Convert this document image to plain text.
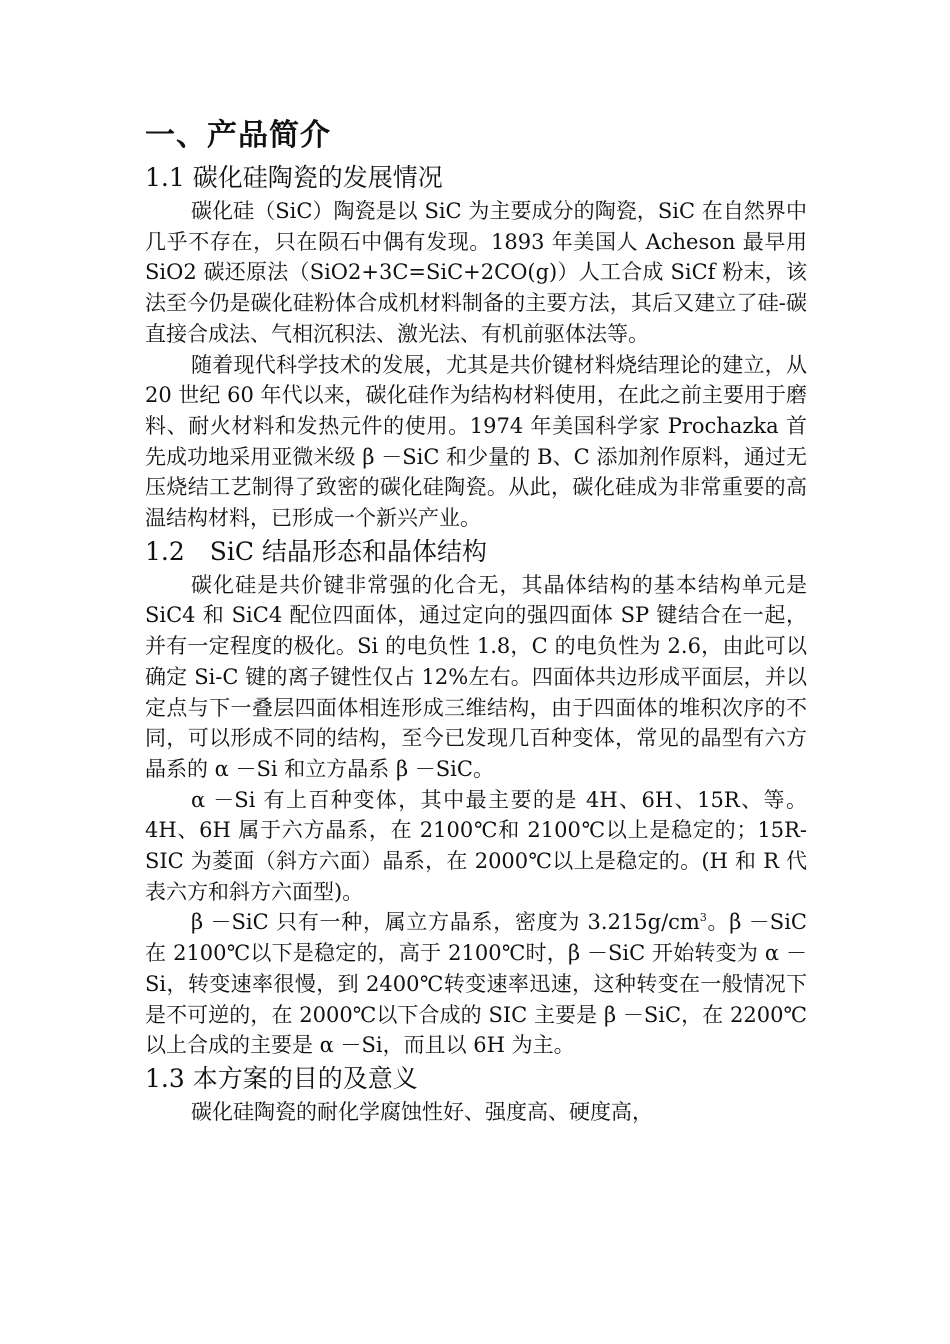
一、产品简介
1.1 碳化硅陶瓷的发展情况

碳化硅（SiC）陶瓷是以 SiC 为主要成分的陶瓷，SiC 在自然界中几乎不存在，只在陨石中偶有发现。1893 年美国人 Acheson 最早用 SiO2 碳还原法（SiO2+3C=SiC+2CO(g)）人工合成 SiCf 粉末，该法至今仍是碳化硅粉体合成机材料制备的主要方法，其后又建立了硅-碳直接合成法、气相沉积法、激光法、有机前驱体法等。

随着现代科学技术的发展，尤其是共价键材料烧结理论的建立，从 20 世纪 60 年代以来，碳化硅作为结构材料使用，在此之前主要用于磨料、耐火材料和发热元件的使用。1974 年美国科学家 Prochazka 首先成功地采用亚微米级 β －SiC 和少量的 B、C 添加剂作原料，通过无压烧结工艺制得了致密的碳化硅陶瓷。从此，碳化硅成为非常重要的高温结构材料，已形成一个新兴产业。

1.2　SiC 结晶形态和晶体结构

碳化硅是共价键非常强的化合无，其晶体结构的基本结构单元是 SiC4 和 SiC4 配位四面体，通过定向的强四面体 SP 键结合在一起，并有一定程度的极化。Si 的电负性 1.8，C 的电负性为 2.6，由此可以确定 Si-C 键的离子键性仅占 12%左右。四面体共边形成平面层，并以定点与下一叠层四面体相连形成三维结构，由于四面体的堆积次序的不同，可以形成不同的结构，至今已发现几百种变体，常见的晶型有六方晶系的 α －Si 和立方晶系 β －SiC。

α －Si 有上百种变体，其中最主要的是 4H、6H、15R、等。4H、6H 属于六方晶系，在 2100℃和 2100℃以上是稳定的；15R-SIC 为菱面（斜方六面）晶系，在 2000℃以上是稳定的。(H 和 R 代表六方和斜方六面型)。

β －SiC 只有一种，属立方晶系，密度为 $3.215g/cm^3$。β －SiC 在 2100℃以下是稳定的，高于 2100℃时，β －SiC 开始转变为 α －Si，转变速率很慢，到 2400℃转变速率迅速，这种转变在一般情况下是不可逆的，在 2000℃以下合成的 SIC 主要是 β －SiC，在 2200℃以上合成的主要是 α －Si，而且以 6H 为主。

1.3 本方案的目的及意义

碳化硅陶瓷的耐化学腐蚀性好、强度高、硬度高，
